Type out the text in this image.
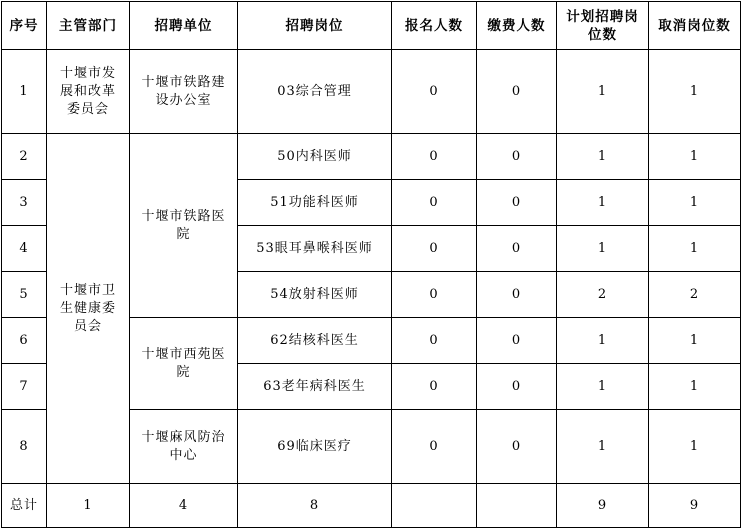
序号	主管部门	招聘单位	招聘岗位	报名人数	缴费人数	计划招聘岗位数	取消岗位数
1	十堰市发展和改革委员会	十堰市铁路建设办公室	03综合管理	0	0	1	1
2	十堰市卫生健康委员会	十堰市铁路医院	50内科医师	0	0	1	1
3			51功能科医师	0	0	1	1
4			53眼耳鼻喉科医师	0	0	1	1
5			54放射科医师	0	0	2	2
6		十堰市西苑医院	62结核科医生	0	0	1	1
7			63老年病科医生	0	0	1	1
8		十堰麻风防治中心	69临床医疗	0	0	1	1
总计	1	4	8			9	9
